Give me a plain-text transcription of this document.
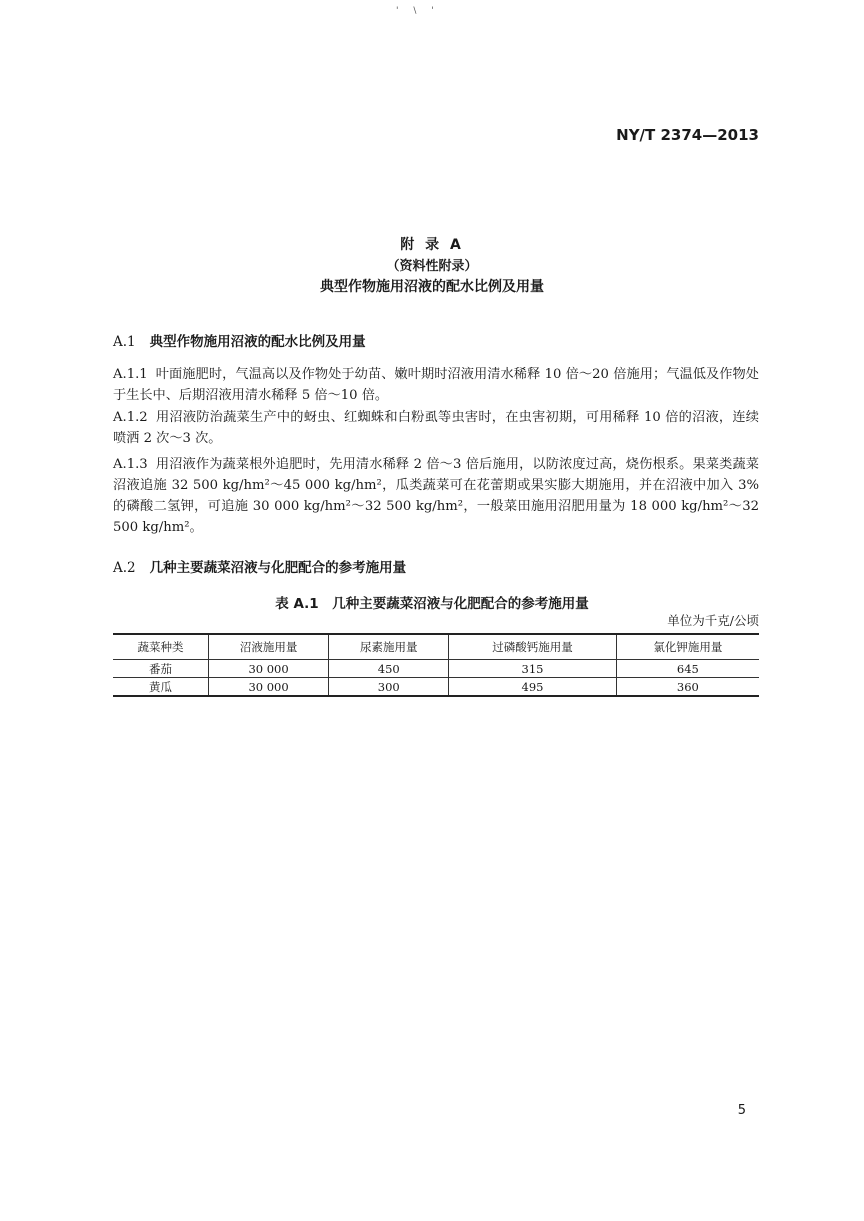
' \ '
NY/T 2374—2013
附 录 A
（资料性附录）
典型作物施用沼液的配水比例及用量
A.1 典型作物施用沼液的配水比例及用量
A.1.1 叶面施肥时，气温高以及作物处于幼苗、嫩叶期时沼液用清水稀释 10 倍～20 倍施用；气温低及作物处于生长中、后期沼液用清水稀释 5 倍～10 倍。
A.1.2 用沼液防治蔬菜生产中的蚜虫、红蜘蛛和白粉虱等虫害时，在虫害初期，可用稀释 10 倍的沼液，连续喷洒 2 次～3 次。
A.1.3 用沼液作为蔬菜根外追肥时，先用清水稀释 2 倍～3 倍后施用，以防浓度过高，烧伤根系。果菜类蔬菜沼液追施 32 500 kg/hm²～45 000 kg/hm²，瓜类蔬菜可在花蕾期或果实膨大期施用，并在沼液中加入 3%的磷酸二氢钾，可追施 30 000 kg/hm²～32 500 kg/hm²，一般菜田施用沼肥用量为 18 000 kg/hm²～32 500 kg/hm²。
A.2 几种主要蔬菜沼液与化肥配合的参考施用量
表 A.1　几种主要蔬菜沼液与化肥配合的参考施用量
单位为千克/公顷
蔬菜种类	沼液施用量	尿素施用量	过磷酸钙施用量	氯化钾施用量
番茄	30 000	450	315	645
黄瓜	30 000	300	495	360
5
